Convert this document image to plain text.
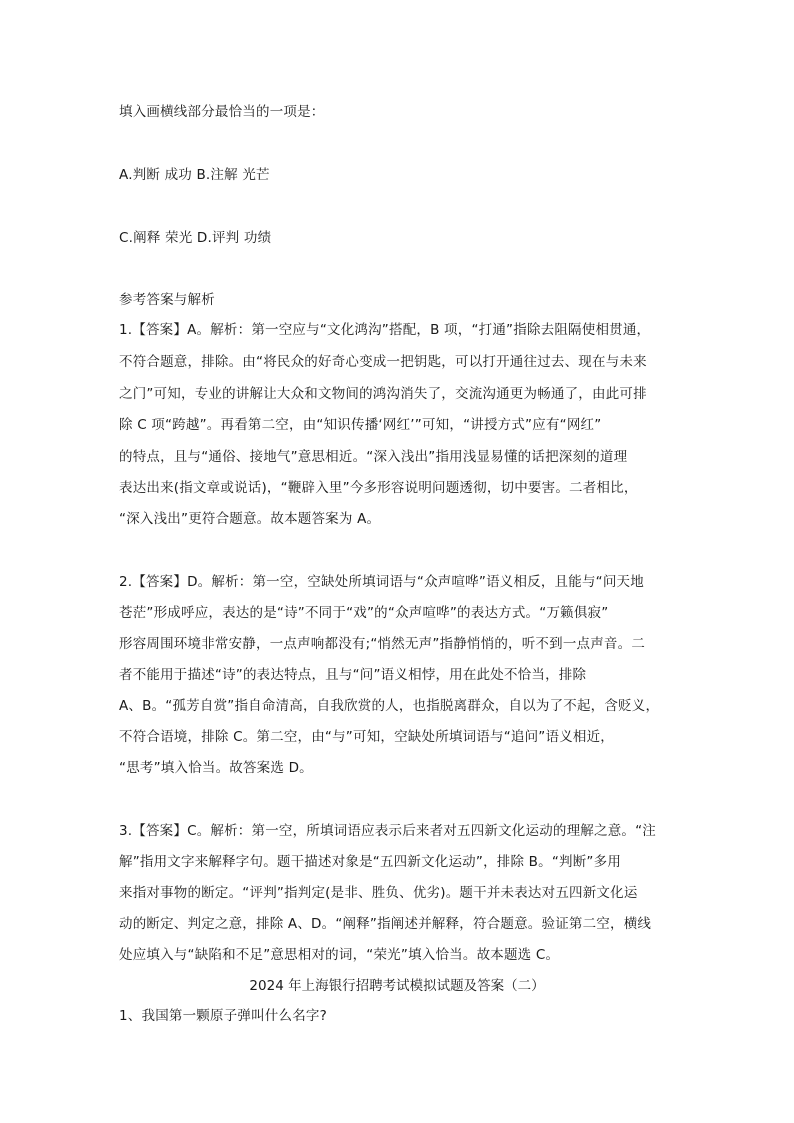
填入画横线部分最恰当的一项是：
A.判断 成功 B.注解 光芒
C.阐释 荣光 D.评判 功绩
参考答案与解析
1.【答案】A。解析：第一空应与“文化鸿沟”搭配，B 项，“打通”指除去阻隔使相贯通，
不符合题意，排除。由“将民众的好奇心变成一把钥匙，可以打开通往过去、现在与未来
之门”可知，专业的讲解让大众和文物间的鸿沟消失了，交流沟通更为畅通了，由此可排
除 C 项“跨越”。再看第二空，由“知识传播‘网红’”可知，“讲授方式”应有“网红”
的特点，且与“通俗、接地气”意思相近。“深入浅出”指用浅显易懂的话把深刻的道理
表达出来(指文章或说话)，“鞭辟入里”今多形容说明问题透彻，切中要害。二者相比，
“深入浅出”更符合题意。故本题答案为 A。
2.【答案】D。解析：第一空，空缺处所填词语与“众声喧哗”语义相反，且能与“问天地
苍茫”形成呼应，表达的是“诗”不同于“戏”的“众声喧哗”的表达方式。“万籁俱寂”
形容周围环境非常安静，一点声响都没有;“悄然无声”指静悄悄的，听不到一点声音。二
者不能用于描述“诗”的表达特点，且与“问”语义相悖，用在此处不恰当，排除
A、B。“孤芳自赏”指自命清高，自我欣赏的人，也指脱离群众，自以为了不起，含贬义，
不符合语境，排除 C。第二空，由“与”可知，空缺处所填词语与“追问”语义相近，
“思考”填入恰当。故答案选 D。
3.【答案】C。解析：第一空，所填词语应表示后来者对五四新文化运动的理解之意。“注
解”指用文字来解释字句。题干描述对象是“五四新文化运动”，排除 B。“判断”多用
来指对事物的断定。“评判”指判定(是非、胜负、优劣)。题干并未表达对五四新文化运
动的断定、判定之意，排除 A、D。“阐释”指阐述并解释，符合题意。验证第二空，横线
处应填入与“缺陷和不足”意思相对的词，“荣光”填入恰当。故本题选 C。
2024 年上海银行招聘考试模拟试题及答案（二）
1、我国第一颗原子弹叫什么名字?
